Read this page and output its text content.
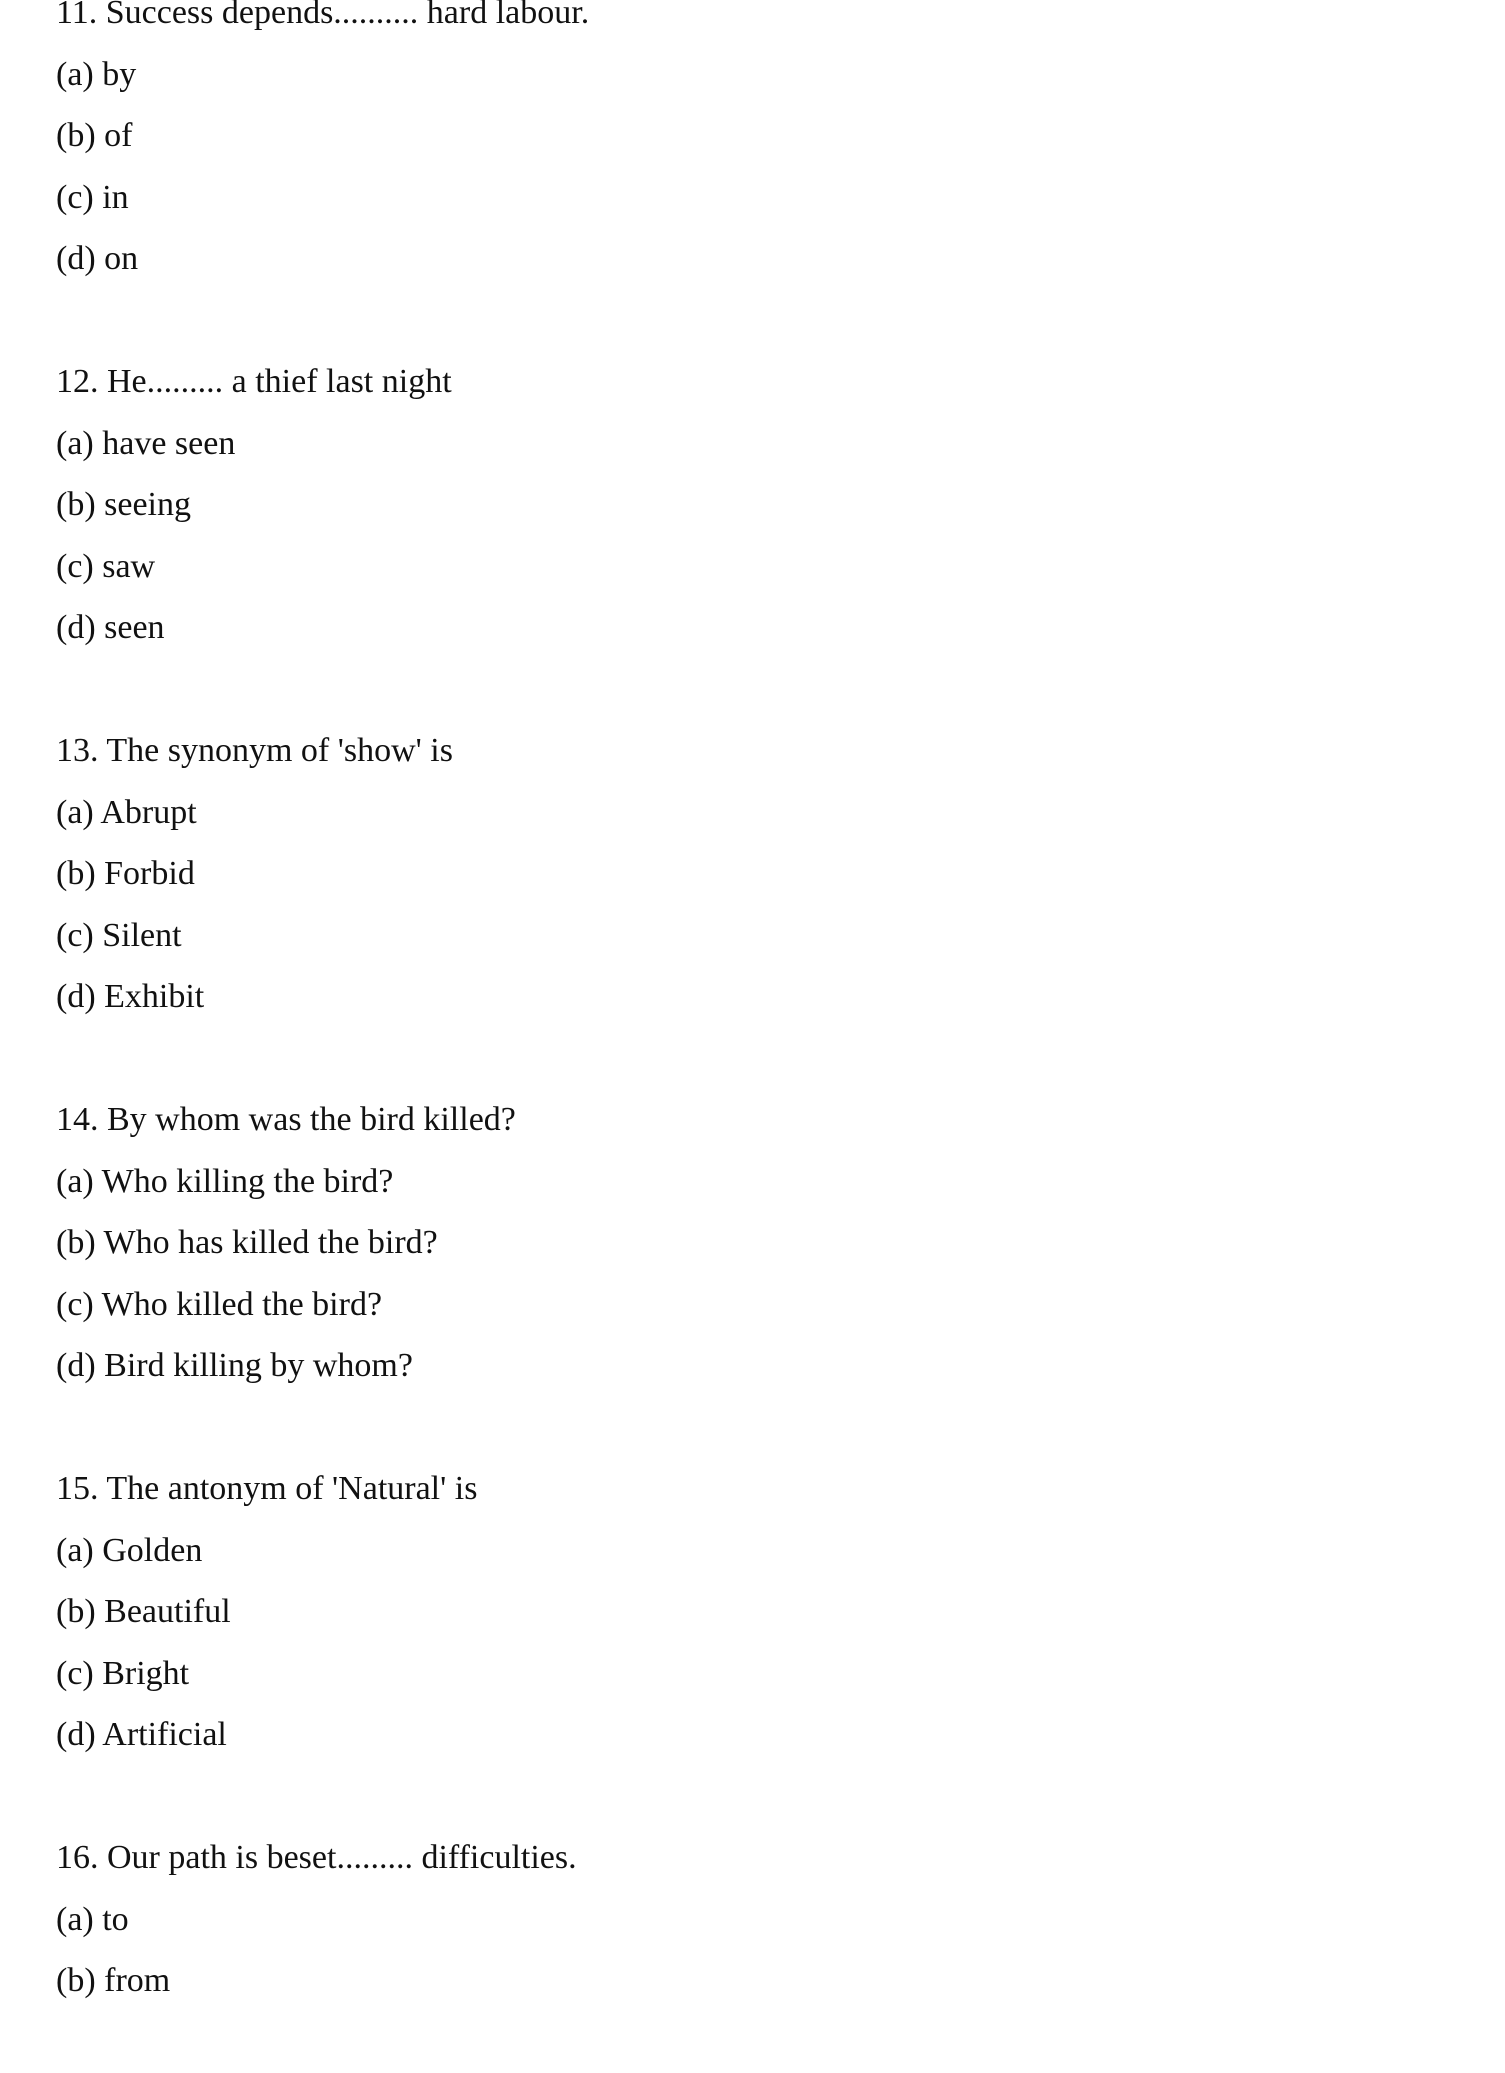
11. Success depends.......... hard labour.
(a) by
(b) of
(c) in
(d) on
12. He......... a thief last night
(a) have seen
(b) seeing
(c) saw
(d) seen
13. The synonym of 'show' is
(a) Abrupt
(b) Forbid
(c) Silent
(d) Exhibit
14. By whom was the bird killed?
(a) Who killing the bird?
(b) Who has killed the bird?
(c) Who killed the bird?
(d) Bird killing by whom?
15. The antonym of 'Natural' is
(a) Golden
(b) Beautiful
(c) Bright
(d) Artificial
16. Our path is beset......... difficulties.
(a) to
(b) from
